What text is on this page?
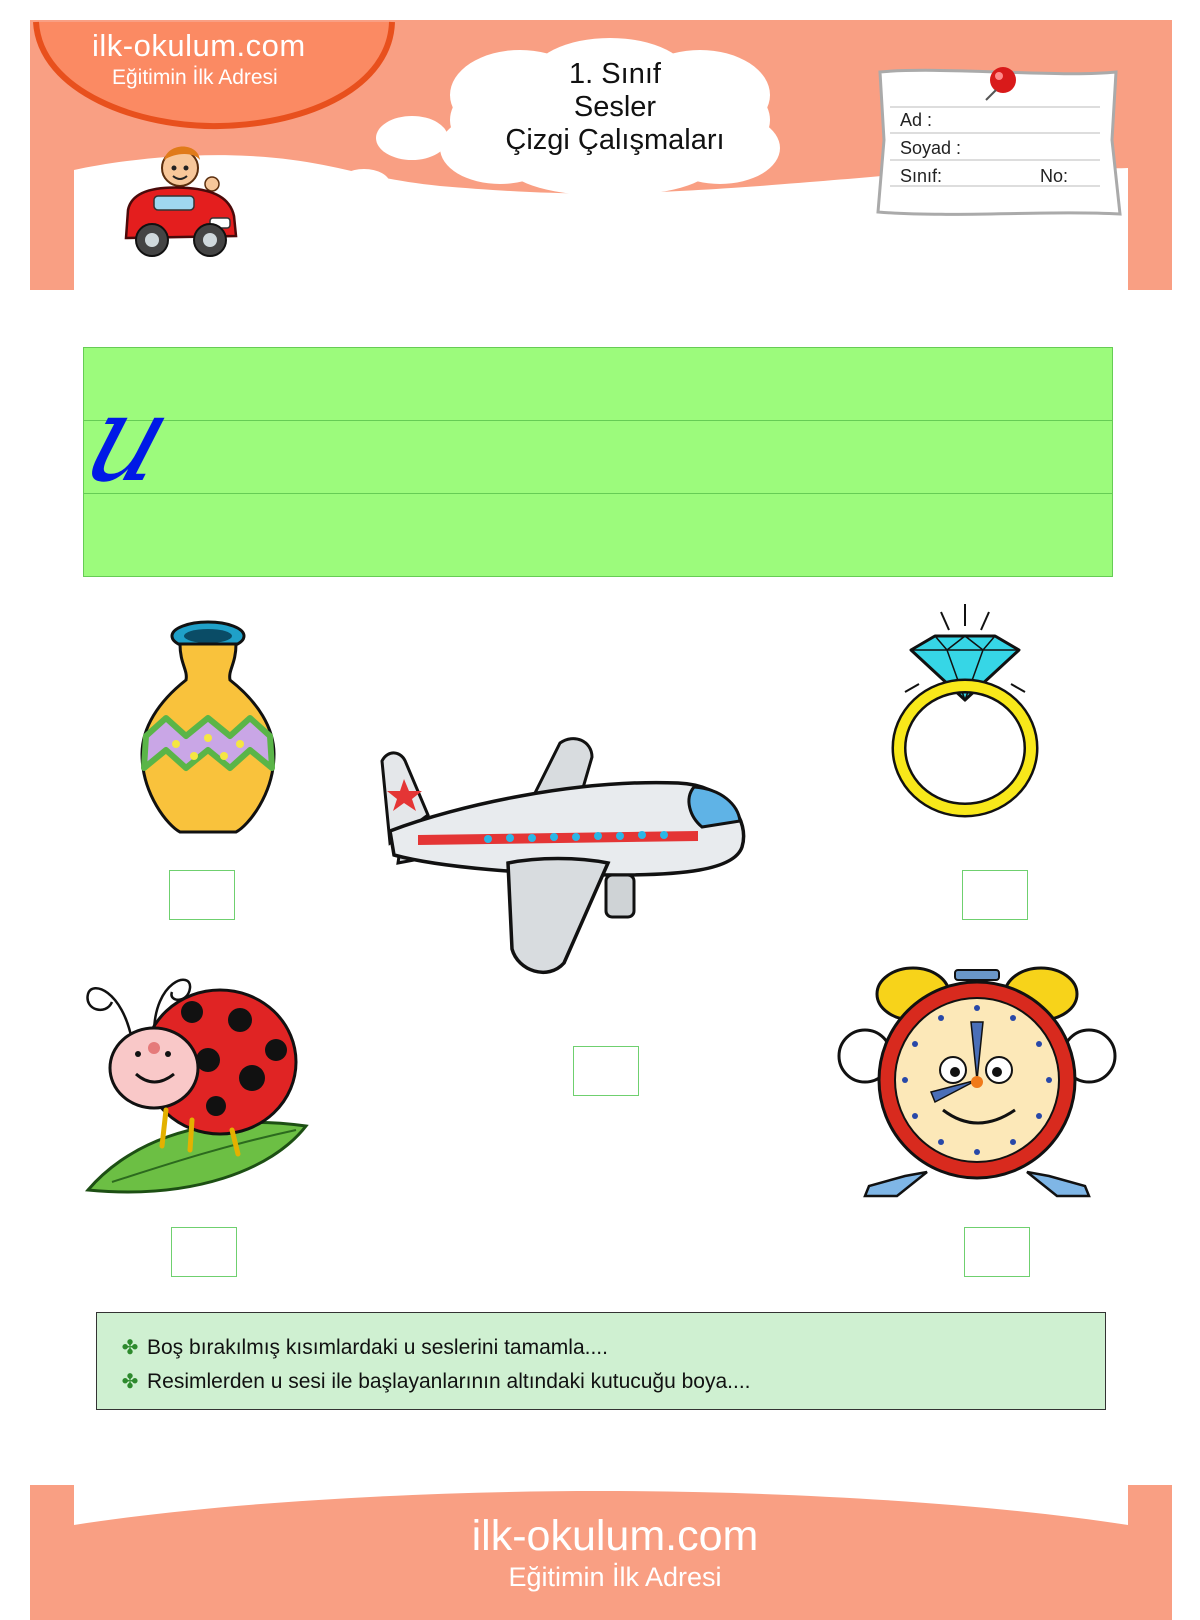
ilk-okulum.com
Eğitimin İlk Adresi	1. Sınıf
Sesler
Çizgi Çalışmaları
Ad :
Soyad :
Sınıf:	No:
u
✤ Boş bırakılmış kısımlardaki u seslerini tamamla....
✤ Resimlerden u sesi ile başlayanlarının altındaki kutucuğu boya....
ilk-okulum.com
Eğitimin İlk Adresi
